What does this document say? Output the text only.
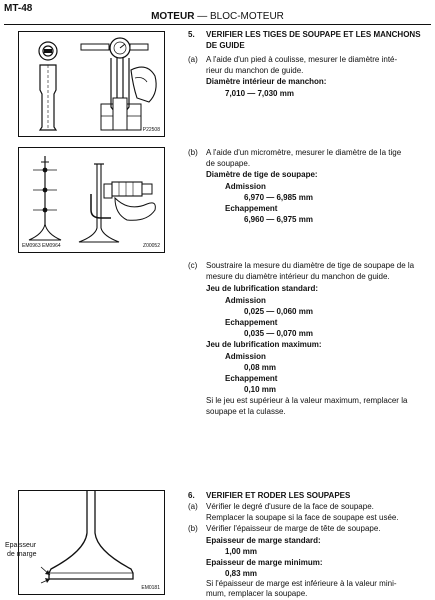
MT-48
MOTEUR — BLOC-MOTEUR
P22508
EM0963 EM0964	Z00052
Epaisseur
de marge
EM0181
5. VERIFIER LES TIGES DE SOUPAPE ET LES MANCHONS
DE GUIDE
(a) A l'aide d'un pied à coulisse, mesurer le diamètre inté-
rieur du manchon de guide.
Diamètre intérieur de manchon:
7,010 — 7,030 mm
(b) A l'aide d'un micromètre, mesurer le diamètre de la tige
de soupape.
Diamètre de tige de soupape:
Admission
6,970 — 6,985 mm
Echappement
6,960 — 6,975 mm
(c) Soustraire la mesure du diamètre de tige de soupape de la
mesure du diamètre intérieur du manchon de guide.
Jeu de lubrification standard:
Admission
0,025 — 0,060 mm
Echappement
0,035 — 0,070 mm
Jeu de lubrification maximum:
Admission
0,08 mm
Echappement
0,10 mm
Si le jeu est supérieur à la valeur maximum, remplacer la
soupape et la culasse.
6. VERIFIER ET RODER LES SOUPAPES
(a) Vérifier le degré d'usure de la face de soupape.
Remplacer la soupape si la face de soupape est usée.
(b) Vérifier l'épaisseur de marge de tête de soupape.
Epaisseur de marge standard:
1,00 mm
Epaisseur de marge minimum:
0,83 mm
Si l'épaisseur de marge est inférieure à la valeur mini-
mum, remplacer la soupape.
